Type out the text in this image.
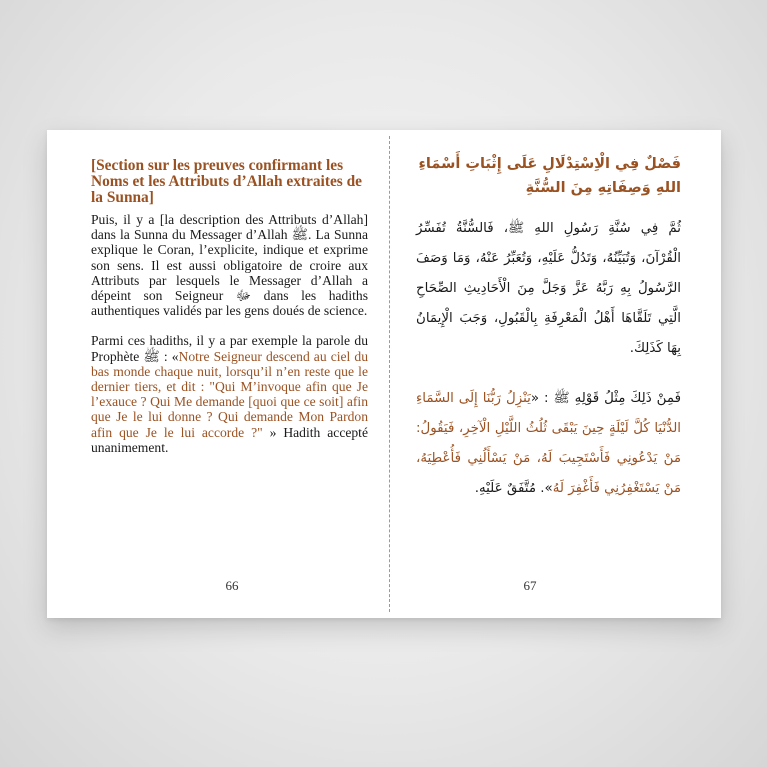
[Section sur les preuves confirmant les Noms et les Attributs d’Allah extraites de la Sunna]

Puis, il y a [la description des Attributs d’Allah] dans la Sunna du Messager d’Allah ﷺ. La Sunna explique le Coran, l’explicite, indique et exprime son sens. Il est aussi obligatoire de croire aux Attributs par lesquels le Messager d’Allah a dépeint son Seigneur ﷻ dans les hadiths authentiques validés par les gens doués de science.

Parmi ces hadiths, il y a par exemple la parole du Prophète ﷺ : «Notre Seigneur descend au ciel du bas monde chaque nuit, lorsqu’il n’en reste que le dernier tiers, et dit : "Qui M’invoque afin que Je l’exauce ? Qui Me demande [quoi que ce soit] afin que Je le lui donne ? Qui demande Mon Pardon afin que Je le lui accorde ?" » Hadith accepté unanimement.

66
فَصْلٌ فِي الْاِسْتِدْلَالِ عَلَى إِثْبَاتِ أَسْمَاءِ اللهِ وَصِفَاتِهِ مِنَ السُّنَّةِ

ثُمَّ فِي سُنَّةِ رَسُولِ اللهِ ﷺ، فَالسُّنَّةُ تُفَسِّرُ الْقُرْآنَ، وَتُبَيِّنُهُ، وَتَدُلُّ عَلَيْهِ، وَتُعَبِّرُ عَنْهُ، وَمَا وَصَفَ الرَّسُولُ بِهِ رَبَّهُ عَزَّ وَجَلَّ مِنَ الْأَحَادِيثِ الصِّحَاحِ الَّتِي تَلَقَّاهَا أَهْلُ الْمَعْرِفَةِ بِالْقَبُولِ، وَجَبَ الْإِيمَانُ بِهَا كَذَلِكَ.

فَمِنْ ذَلِكَ مِثْلُ قَوْلِهِ ﷺ : «يَنْزِلُ رَبُّنَا إِلَى السَّمَاءِ الدُّنْيَا كُلَّ لَيْلَةٍ حِينَ يَبْقَى ثُلُثُ اللَّيْلِ الْآخِرِ، فَيَقُولُ: مَنْ يَدْعُونِي فَأَسْتَجِيبَ لَهُ، مَنْ يَسْأَلُنِي فَأُعْطِيَهُ، مَنْ يَسْتَغْفِرُنِي فَأَغْفِرَ لَهُ». مُتَّفَقٌ عَلَيْهِ.

67
